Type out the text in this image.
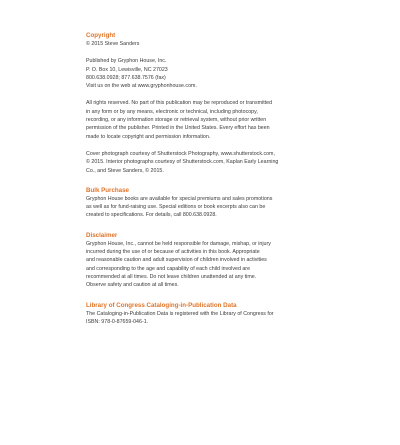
Copyright

© 2015 Steve Sanders

Published by Gryphon House, Inc.

P. O. Box 10, Lewisville, NC 27023

800.638.0928; 877.638.7576 (fax)

Visit us on the web at www.gryphonhouse.com.

All rights reserved. No part of this publication may be reproduced or transmitted

in any form or by any means, electronic or technical, including photocopy,

recording, or any information storage or retrieval system, without prior written

permission of the publisher. Printed in the United States. Every effort has been

made to locate copyright and permission information.

Cover photograph courtesy of Shutterstock Photography, www.shutterstock.com,

© 2015. Interior photographs courtesy of Shutterstock.com, Kaplan Early Learning

Co., and Steve Sanders, © 2015.

Bulk Purchase

Gryphon House books are available for special premiums and sales promotions

as well as for fund-raising use. Special editions or book excerpts also can be

created to specifications. For details, call 800.638.0928.

Disclaimer

Gryphon House, Inc., cannot be held responsible for damage, mishap, or injury

incurred during the use of or because of activities in this book. Appropriate

and reasonable caution and adult supervision of children involved in activities

and corresponding to the age and capability of each child involved are

recommended at all times. Do not leave children unattended at any time.

Observe safety and caution at all times.

Library of Congress Cataloging-in-Publication Data

The Cataloging-in-Publication Data is registered with the Library of Congress for

ISBN: 978-0-87659-046-1.
